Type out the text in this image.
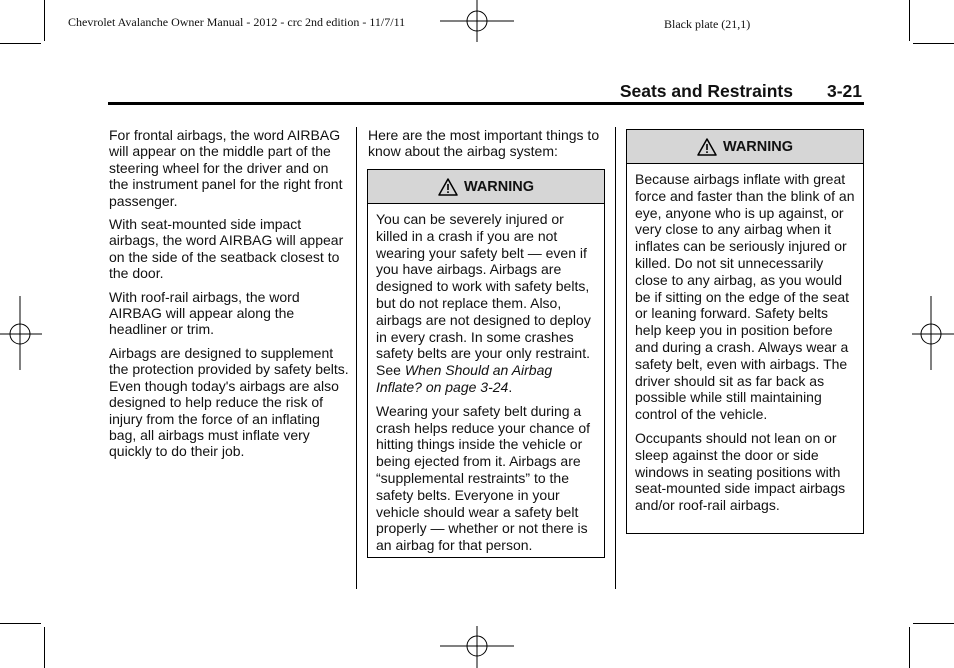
Chevrolet Avalanche Owner Manual - 2012 - crc 2nd edition - 11/7/11	Black plate (21,1)
Seats and Restraints 3-21

For frontal airbags, the word AIRBAG will appear on the middle part of the steering wheel for the driver and on the instrument panel for the right front passenger.

With seat-mounted side impact airbags, the word AIRBAG will appear on the side of the seatback closest to the door.

With roof-rail airbags, the word AIRBAG will appear along the headliner or trim.

Airbags are designed to supplement the protection provided by safety belts. Even though today's airbags are also designed to help reduce the risk of injury from the force of an inflating bag, all airbags must inflate very quickly to do their job.

Here are the most important things to know about the airbag system:

WARNING

You can be severely injured or killed in a crash if you are not wearing your safety belt — even if you have airbags. Airbags are designed to work with safety belts, but do not replace them. Also, airbags are not designed to deploy in every crash. In some crashes safety belts are your only restraint. See When Should an Airbag Inflate? on page 3‑24.

Wearing your safety belt during a crash helps reduce your chance of hitting things inside the vehicle or being ejected from it. Airbags are “supplemental restraints” to the safety belts. Everyone in your vehicle should wear a safety belt properly — whether or not there is an airbag for that person.

WARNING

Because airbags inflate with great force and faster than the blink of an eye, anyone who is up against, or very close to any airbag when it inflates can be seriously injured or killed. Do not sit unnecessarily close to any airbag, as you would be if sitting on the edge of the seat or leaning forward. Safety belts help keep you in position before and during a crash. Always wear a safety belt, even with airbags. The driver should sit as far back as possible while still maintaining control of the vehicle.

Occupants should not lean on or sleep against the door or side windows in seating positions with seat-mounted side impact airbags and/or roof-rail airbags.
